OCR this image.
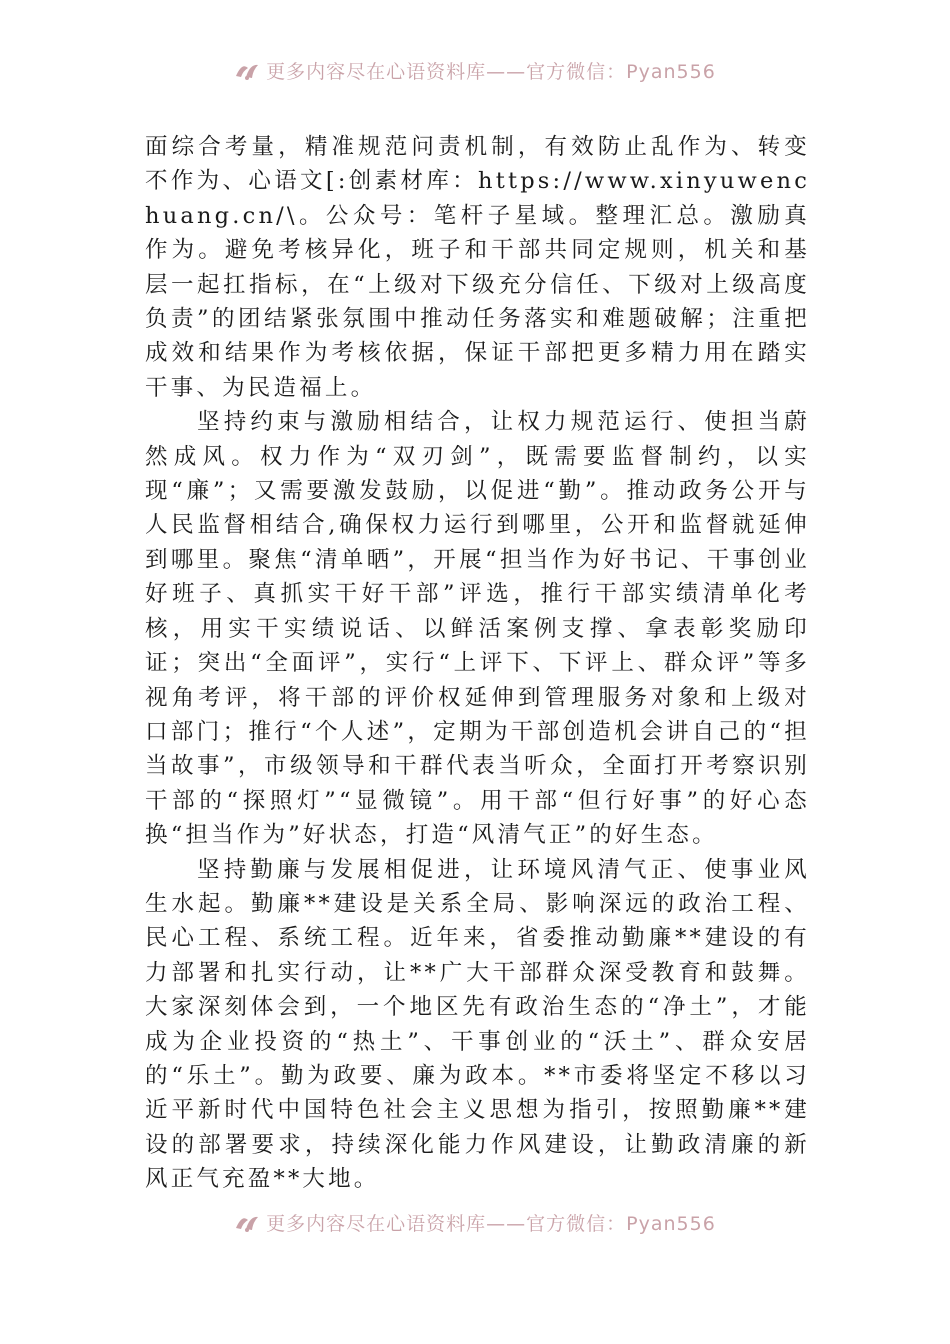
更多内容尽在心语资料库——官方微信：Pyan556

面综合考量，精准规范问责机制，有效防止乱作为、转变不作为、心语文[:创素材库：https://www.xinyuwenchuang.cn/\。公众号：笔杆子星域。整理汇总。激励真作为。避免考核异化，班子和干部共同定规则，机关和基层一起扛指标，在“上级对下级充分信任、下级对上级高度负责”的团结紧张氛围中推动任务落实和难题破解；注重把成效和结果作为考核依据，保证干部把更多精力用在踏实干事、为民造福上。

坚持约束与激励相结合，让权力规范运行、使担当蔚然成风。权力作为“双刃剑”，既需要监督制约，以实现“廉”；又需要激发鼓励，以促进“勤”。推动政务公开与人民监督相结合,确保权力运行到哪里，公开和监督就延伸到哪里。聚焦“清单晒”，开展“担当作为好书记、干事创业好班子、真抓实干好干部”评选，推行干部实绩清单化考核，用实干实绩说话、以鲜活案例支撑、拿表彰奖励印证；突出“全面评”，实行“上评下、下评上、群众评”等多视角考评，将干部的评价权延伸到管理服务对象和上级对口部门；推行“个人述”，定期为干部创造机会讲自己的“担当故事”，市级领导和干群代表当听众，全面打开考察识别干部的“探照灯”“显微镜”。用干部“但行好事”的好心态换“担当作为”好状态，打造“风清气正”的好生态。

坚持勤廉与发展相促进，让环境风清气正、使事业风生水起。勤廉**建设是关系全局、影响深远的政治工程、民心工程、系统工程。近年来，省委推动勤廉**建设的有力部署和扎实行动，让**广大干部群众深受教育和鼓舞。大家深刻体会到，一个地区先有政治生态的“净土”，才能成为企业投资的“热土”、干事创业的“沃土”、群众安居的“乐土”。勤为政要、廉为政本。**市委将坚定不移以习近平新时代中国特色社会主义思想为指引，按照勤廉**建设的部署要求，持续深化能力作风建设，让勤政清廉的新风正气充盈**大地。

更多内容尽在心语资料库——官方微信：Pyan556
